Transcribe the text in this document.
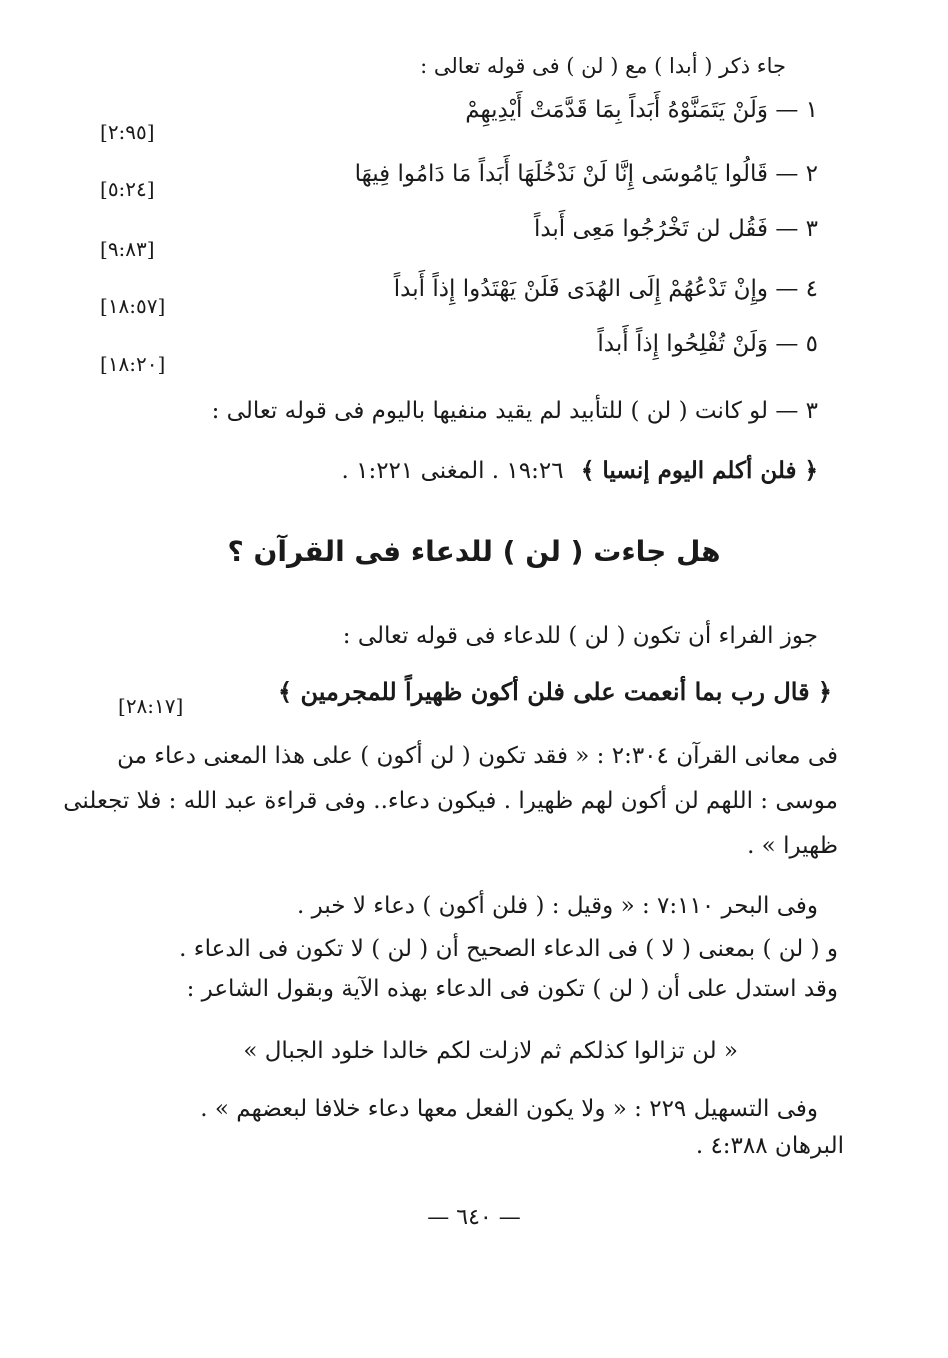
جاء ذكر ( أبدا ) مع ( لن ) فى قوله تعالى :
١ — وَلَنْ يَتَمَنَّوْهُ أَبَداً بِمَا قَدَّمَتْ أَيْدِيهِمْ
[٢:٩٥]
٢ — قَالُوا يَامُوسَى إِنَّا لَنْ نَدْخُلَهَا أَبَداً مَا دَامُوا فِيهَا
[٥:٢٤]
٣ — فَقُل لن تَخْرُجُوا مَعِى أَبداً
[٩:٨٣]
٤ — وإِنْ تَدْعُهُمْ إِلَى الهُدَى فَلَنْ يَهْتَدُوا إِذاً أَبداً
[١٨:٥٧]
٥ — وَلَنْ تُفْلِحُوا إِذاً أَبداً
[١٨:٢٠]
٣ — لو كانت ( لن ) للتأبيد لم يقيد منفيها باليوم فى قوله تعالى :
﴿ فلن أكلم اليوم إنسيا ﴾ ١٩:٢٦ . المغنى ١:٢٢١ .
هل جاءت ( لن ) للدعاء فى القرآن ؟
جوز الفراء أن تكون ( لن ) للدعاء فى قوله تعالى :
﴿ قال رب بما أنعمت على فلن أكون ظهيراً للمجرمين ﴾
[٢٨:١٧]
فى معانى القرآن ٢:٣٠٤ : « فقد تكون ( لن أكون ) على هذا المعنى دعاء من
موسى : اللهم لن أكون لهم ظهيرا . فيكون دعاء.. وفى قراءة عبد الله : فلا تجعلنى
ظهيرا » .
وفى البحر ٧:١١٠ : « وقيل : ( فلن أكون ) دعاء لا خبر .
و ( لن ) بمعنى ( لا ) فى الدعاء الصحيح أن ( لن ) لا تكون فى الدعاء .
وقد استدل على أن ( لن ) تكون فى الدعاء بهذه الآية وبقول الشاعر :
« لن تزالوا كذلكم ثم لازلت لكم خالدا خلود الجبال »
وفى التسهيل ٢٢٩ : « ولا يكون الفعل معها دعاء خلافا لبعضهم » .
البرهان ٤:٣٨٨ .
— ٦٤٠ —
